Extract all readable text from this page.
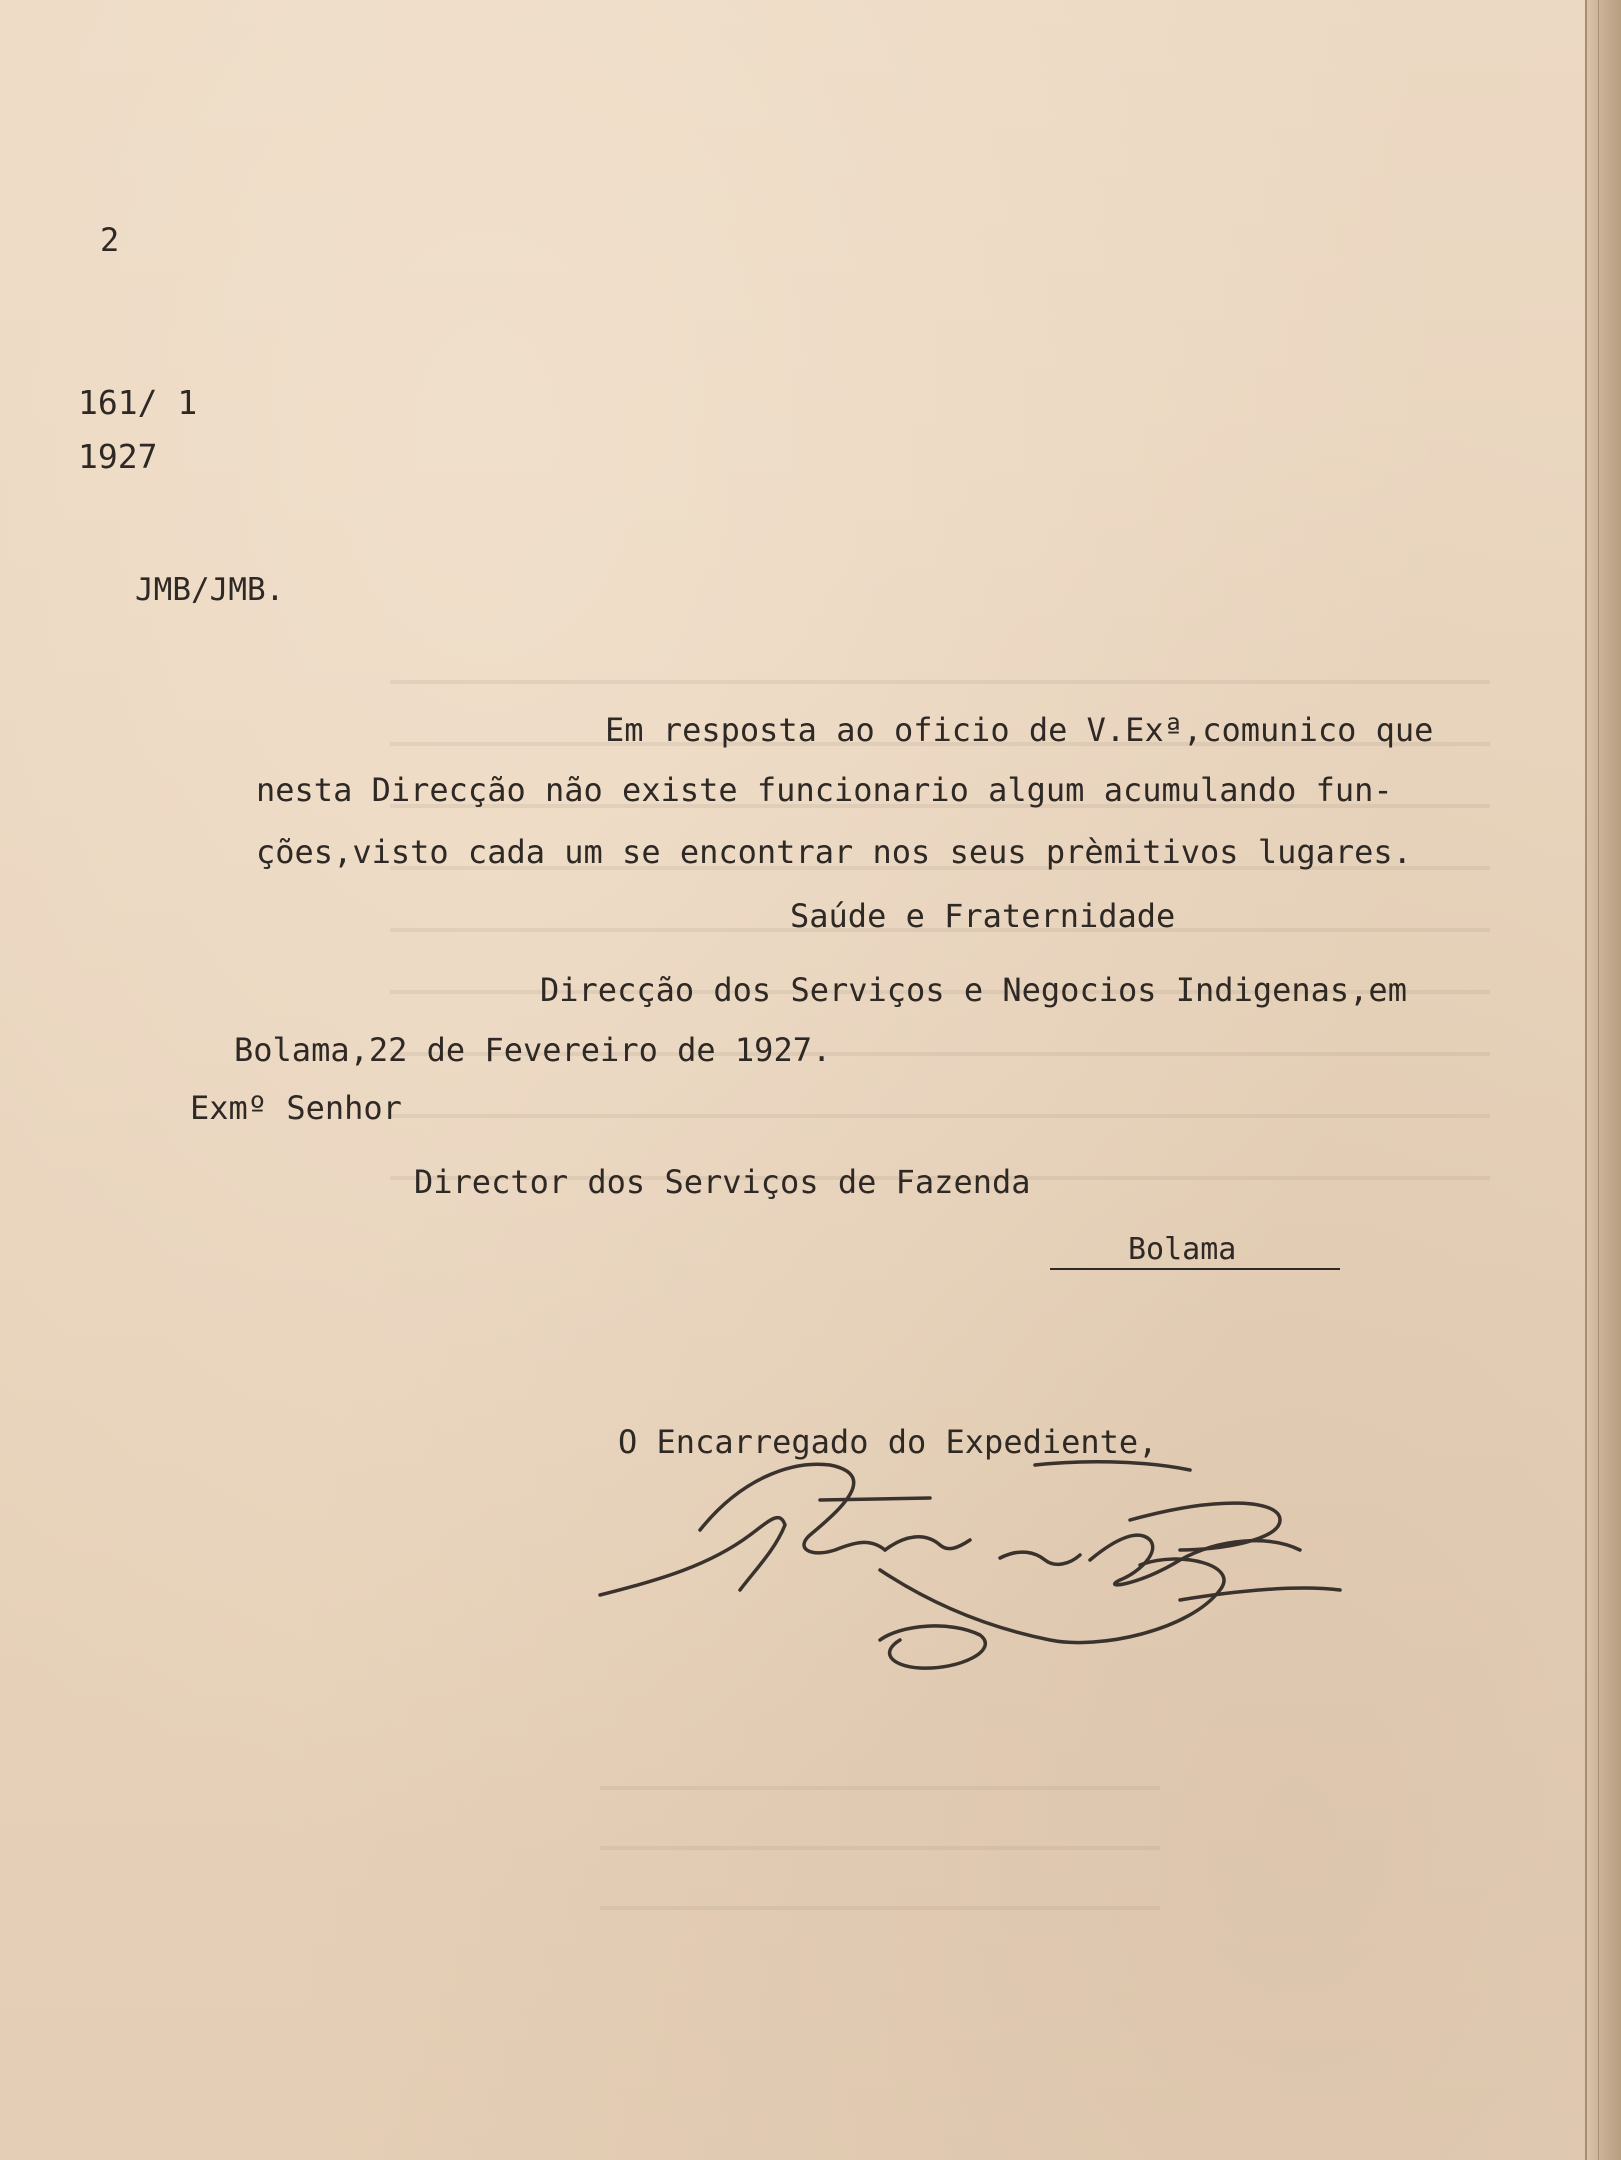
2
161/ 1
1927
JMB/JMB.
Em resposta ao oficio de V.Exª,comunico que
nesta Direcção não existe funcionario algum acumulando fun-
ções,visto cada um se encontrar nos seus prèmitivos lugares.
Saúde e Fraternidade
Direcção dos Serviços e Negocios Indigenas,em
Bolama,22 de Fevereiro de 1927.
Exmº Senhor
Director dos Serviços de Fazenda
Bolama
O Encarregado do Expediente,
